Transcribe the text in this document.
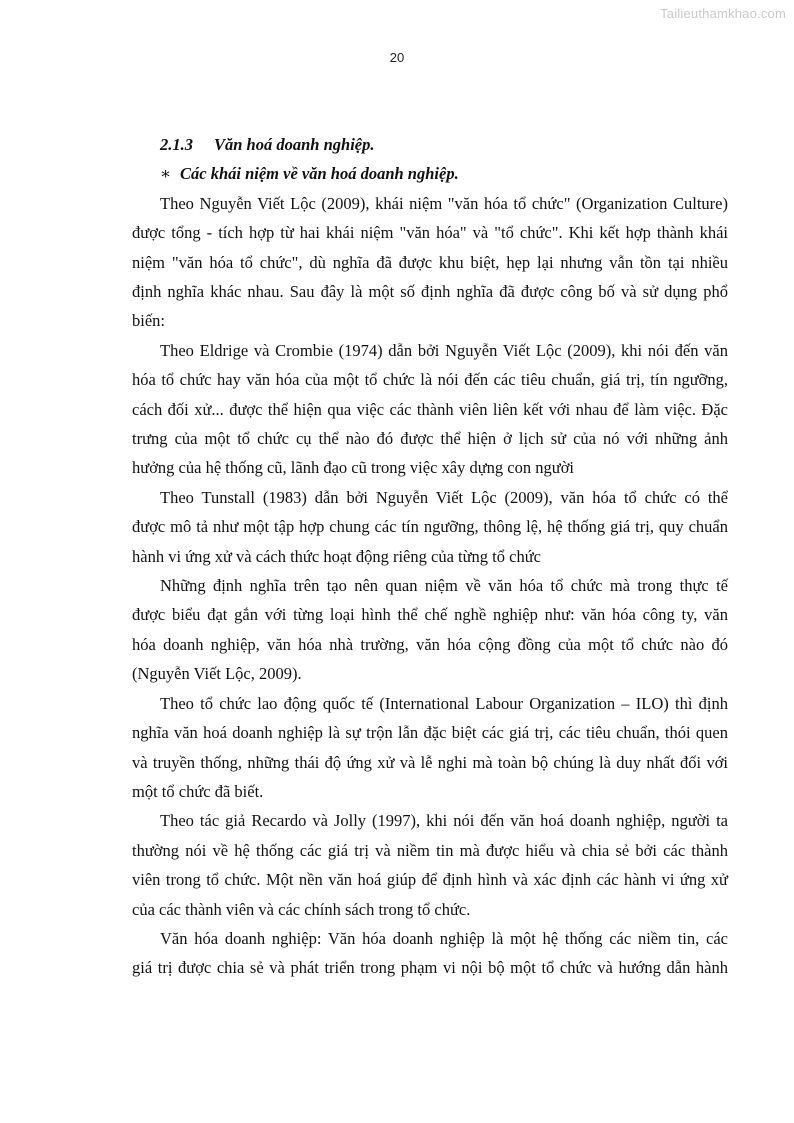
Tailieuthamkhao.com
20
2.1.3 Văn hoá doanh nghiệp.
∗ Các khái niệm về văn hoá doanh nghiệp.
Theo Nguyễn Viết Lộc (2009), khái niệm "văn hóa tổ chức" (Organization Culture)
được tổng - tích hợp từ hai khái niệm "văn hóa" và "tổ chức". Khi kết hợp thành khái
niệm "văn hóa tổ chức", dù nghĩa đã được khu biệt, hẹp lại nhưng vẫn tồn tại nhiều
định nghĩa khác nhau. Sau đây là một số định nghĩa đã được công bố và sử dụng phổ
biến:
Theo Eldrige và Crombie (1974) dẫn bởi Nguyễn Viết Lộc (2009), khi nói đến văn
hóa tổ chức hay văn hóa của một tổ chức là nói đến các tiêu chuẩn, giá trị, tín ngưỡng,
cách đối xử... được thể hiện qua việc các thành viên liên kết với nhau để làm việc. Đặc
trưng của một tổ chức cụ thể nào đó được thể hiện ở lịch sử của nó với những ảnh
hưởng của hệ thống cũ, lãnh đạo cũ trong việc xây dựng con người
Theo Tunstall (1983) dẫn bởi Nguyễn Viết Lộc (2009), văn hóa tổ chức có thể
được mô tả như một tập hợp chung các tín ngưỡng, thông lệ, hệ thống giá trị, quy chuẩn
hành vi ứng xử và cách thức hoạt động riêng của từng tổ chức
Những định nghĩa trên tạo nên quan niệm về văn hóa tổ chức mà trong thực tế
được biểu đạt gắn với từng loại hình thể chế nghề nghiệp như: văn hóa công ty, văn
hóa doanh nghiệp, văn hóa nhà trường, văn hóa cộng đồng của một tổ chức nào đó
(Nguyễn Viết Lộc, 2009).
Theo tổ chức lao động quốc tế (International Labour Organization – ILO) thì định
nghĩa văn hoá doanh nghiệp là sự trộn lẫn đặc biệt các giá trị, các tiêu chuẩn, thói quen
và truyền thống, những thái độ ứng xử và lễ nghi mà toàn bộ chúng là duy nhất đối với
một tổ chức đã biết.
Theo tác giả Recardo và Jolly (1997), khi nói đến văn hoá doanh nghiệp, người ta
thường nói về hệ thống các giá trị và niềm tin mà được hiểu và chia sẻ bởi các thành
viên trong tổ chức. Một nền văn hoá giúp để định hình và xác định các hành vi ứng xử
của các thành viên và các chính sách trong tổ chức.
Văn hóa doanh nghiệp: Văn hóa doanh nghiệp là một hệ thống các niềm tin, các
giá trị được chia sẻ và phát triển trong phạm vi nội bộ một tổ chức và hướng dẫn hành
